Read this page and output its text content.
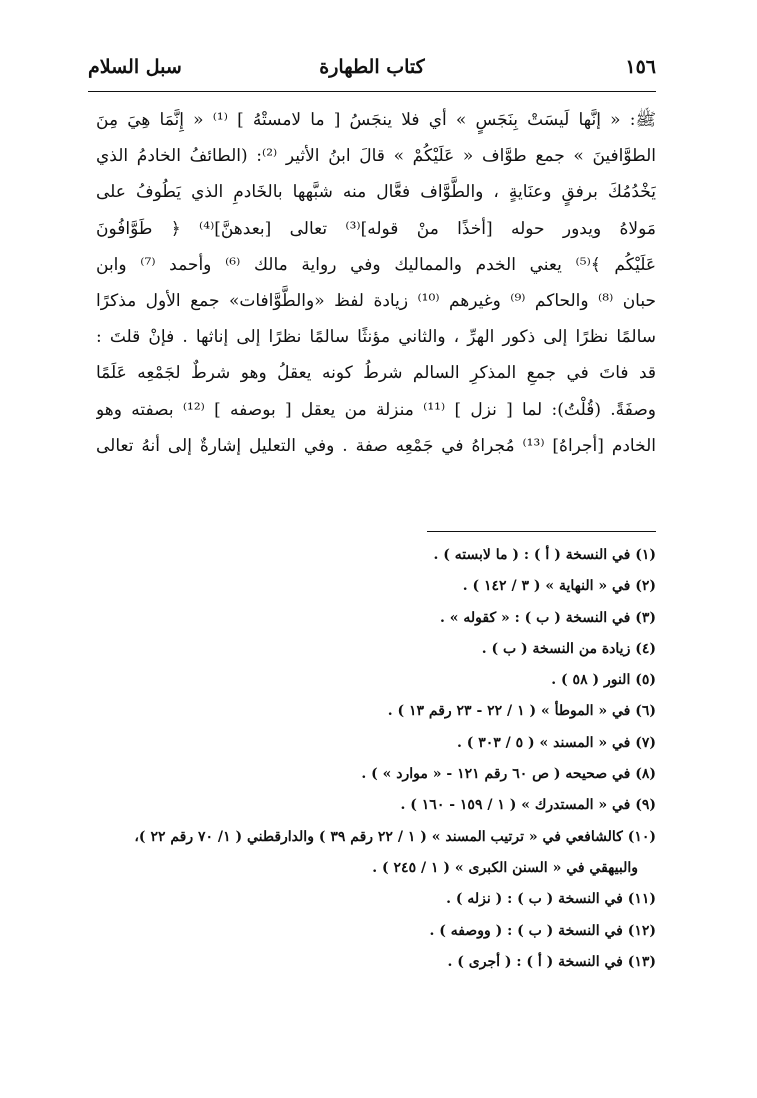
١٥٦
كتاب الطهارة
سبل السلام
ﷺ: « إنَّها لَيسَتْ بِنَجَسٍ » أي فلا ينجَسُ [ ما لامستْهُ ] ⁽¹⁾ « إِنَّمَا هِيَ مِنَ
الطوَّافينَ » جمع طوَّاف « عَلَيْكُمْ » قالَ ابنُ الأثير ⁽²⁾: (الطائفُ الخادمُ الذي
يَخْدُمُكَ برفقٍ وعنَايةٍ ، والطَّوَّاف فعَّال منه شبَّهها بالخَادمِ الذي يَطُوفُ على
مَولاهُ ويدور حوله [أخذًا منْ قوله]⁽³⁾ تعالى [بعدهنَّ]⁽⁴⁾ ﴿ طَوَّافُونَ
عَلَيْكُم ﴾⁽⁵⁾ يعني الخدم والمماليك وفي رواية مالك ⁽⁶⁾ وأحمد ⁽⁷⁾ وابن
حبان ⁽⁸⁾ والحاكم ⁽⁹⁾ وغيرهم ⁽¹⁰⁾ زيادة لفظ «والطَّوَّافات» جمع الأول مذكرًا
سالمًا نظرًا إلى ذكور الهرِّ ، والثاني مؤنثًا سالمًا نظرًا إلى إناثها . فإنْ قلتَ :
قد فاتَ في جمعِ المذكرِ السالم شرطُ كونه يعقلُ وهو شرطٌ لجَمْعِه عَلَمًا
وصفَةً. (قُلْتُ): لما [ نزل ] ⁽¹¹⁾ منزلة من يعقل [ بوصفه ] ⁽¹²⁾ بصفته وهو
الخادم [أجراهُ] ⁽¹³⁾ مُجراهُ في جَمْعِه صفة . وفي التعليل إشارةٌ إلى أنهُ تعالى
(١) في النسخة ( أ ) : ( ما لابسته ) .
(٢) في « النهاية » ( ٣ / ١٤٢ ) .
(٣) في النسخة ( ب ) : « كقوله » .
(٤) زيادة من النسخة ( ب ) .
(٥) النور ( ٥٨ ) .
(٦) في « الموطأ » ( ١ / ٢٢ - ٢٣ رقم ١٣ ) .
(٧) في « المسند » ( ٥ / ٣٠٣ ) .
(٨) في صحيحه ( ص ٦٠ رقم ١٢١ - « موارد » ) .
(٩) في « المستدرك » ( ١ / ١٥٩ - ١٦٠ ) .
(١٠) كالشافعي في « ترتيب المسند » ( ١ / ٢٢ رقم ٣٩ ) والدارقطني ( ١/ ٧٠ رقم ٢٢ )،
والبيهقي في « السنن الكبرى » ( ١ / ٢٤٥ ) .
(١١) في النسخة ( ب ) : ( نزله ) .
(١٢) في النسخة ( ب ) : ( ووصفه ) .
(١٣) في النسخة ( أ ) : ( أجرى ) .
